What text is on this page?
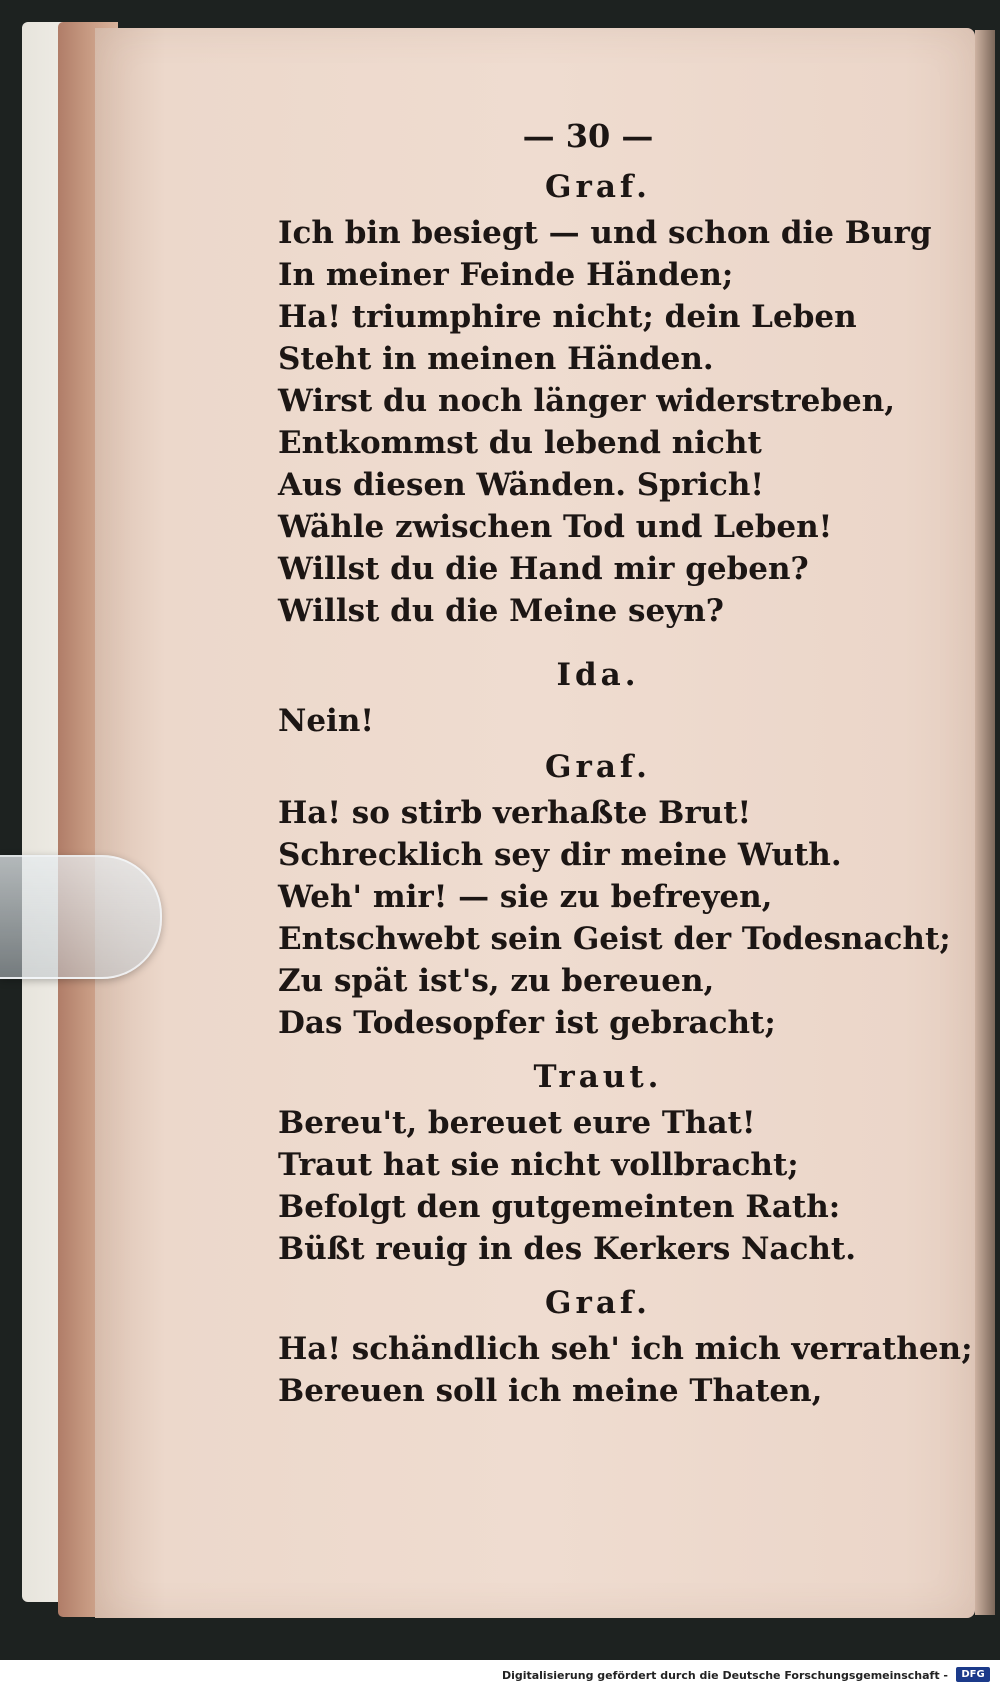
— 30 —
Graf.
Ich bin besiegt — und schon die Burg
In meiner Feinde Händen;
Ha! triumphire nicht; dein Leben
Steht in meinen Händen.
Wirst du noch länger widerstreben,
Entkommst du lebend nicht
Aus diesen Wänden. Sprich!
Wähle zwischen Tod und Leben!
Willst du die Hand mir geben?
Willst du die Meine seyn?
Ida.
Nein!
Graf.
Ha! so stirb verhaßte Brut!
Schrecklich sey dir meine Wuth.
Weh' mir! — sie zu befreyen,
Entschwebt sein Geist der Todesnacht;
Zu spät ist's, zu bereuen,
Das Todesopfer ist gebracht;
Traut.
Bereu't, bereuet eure That!
Traut hat sie nicht vollbracht;
Befolgt den gutgemeinten Rath:
Büßt reuig in des Kerkers Nacht.
Graf.
Ha! schändlich seh' ich mich verrathen;
Bereuen soll ich meine Thaten,
Digitalisierung gefördert durch die Deutsche Forschungsgemeinschaft -	DFG
